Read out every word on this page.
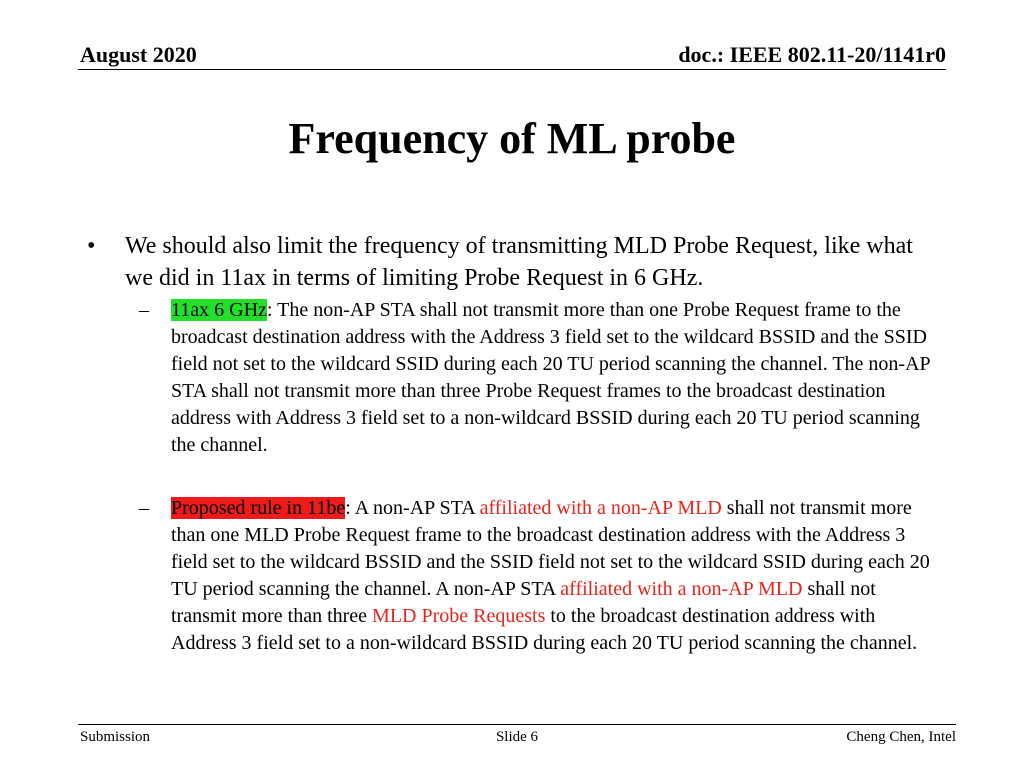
August 2020	doc.: IEEE 802.11-20/1141r0
Frequency of ML probe
• We should also limit the frequency of transmitting MLD Probe Request, like what we did in 11ax in terms of limiting Probe Request in 6 GHz.
– 11ax 6 GHz: The non-AP STA shall not transmit more than one Probe Request frame to the broadcast destination address with the Address 3 field set to the wildcard BSSID and the SSID field not set to the wildcard SSID during each 20 TU period scanning the channel. The non-AP STA shall not transmit more than three Probe Request frames to the broadcast destination address with Address 3 field set to a non-wildcard BSSID during each 20 TU period scanning the channel.
– Proposed rule in 11be: A non-AP STA affiliated with a non-AP MLD shall not transmit more than one MLD Probe Request frame to the broadcast destination address with the Address 3 field set to the wildcard BSSID and the SSID field not set to the wildcard SSID during each 20 TU period scanning the channel. A non-AP STA affiliated with a non-AP MLD shall not transmit more than three MLD Probe Requests to the broadcast destination address with Address 3 field set to a non-wildcard BSSID during each 20 TU period scanning the channel.
Submission	Slide 6	Cheng Chen, Intel
